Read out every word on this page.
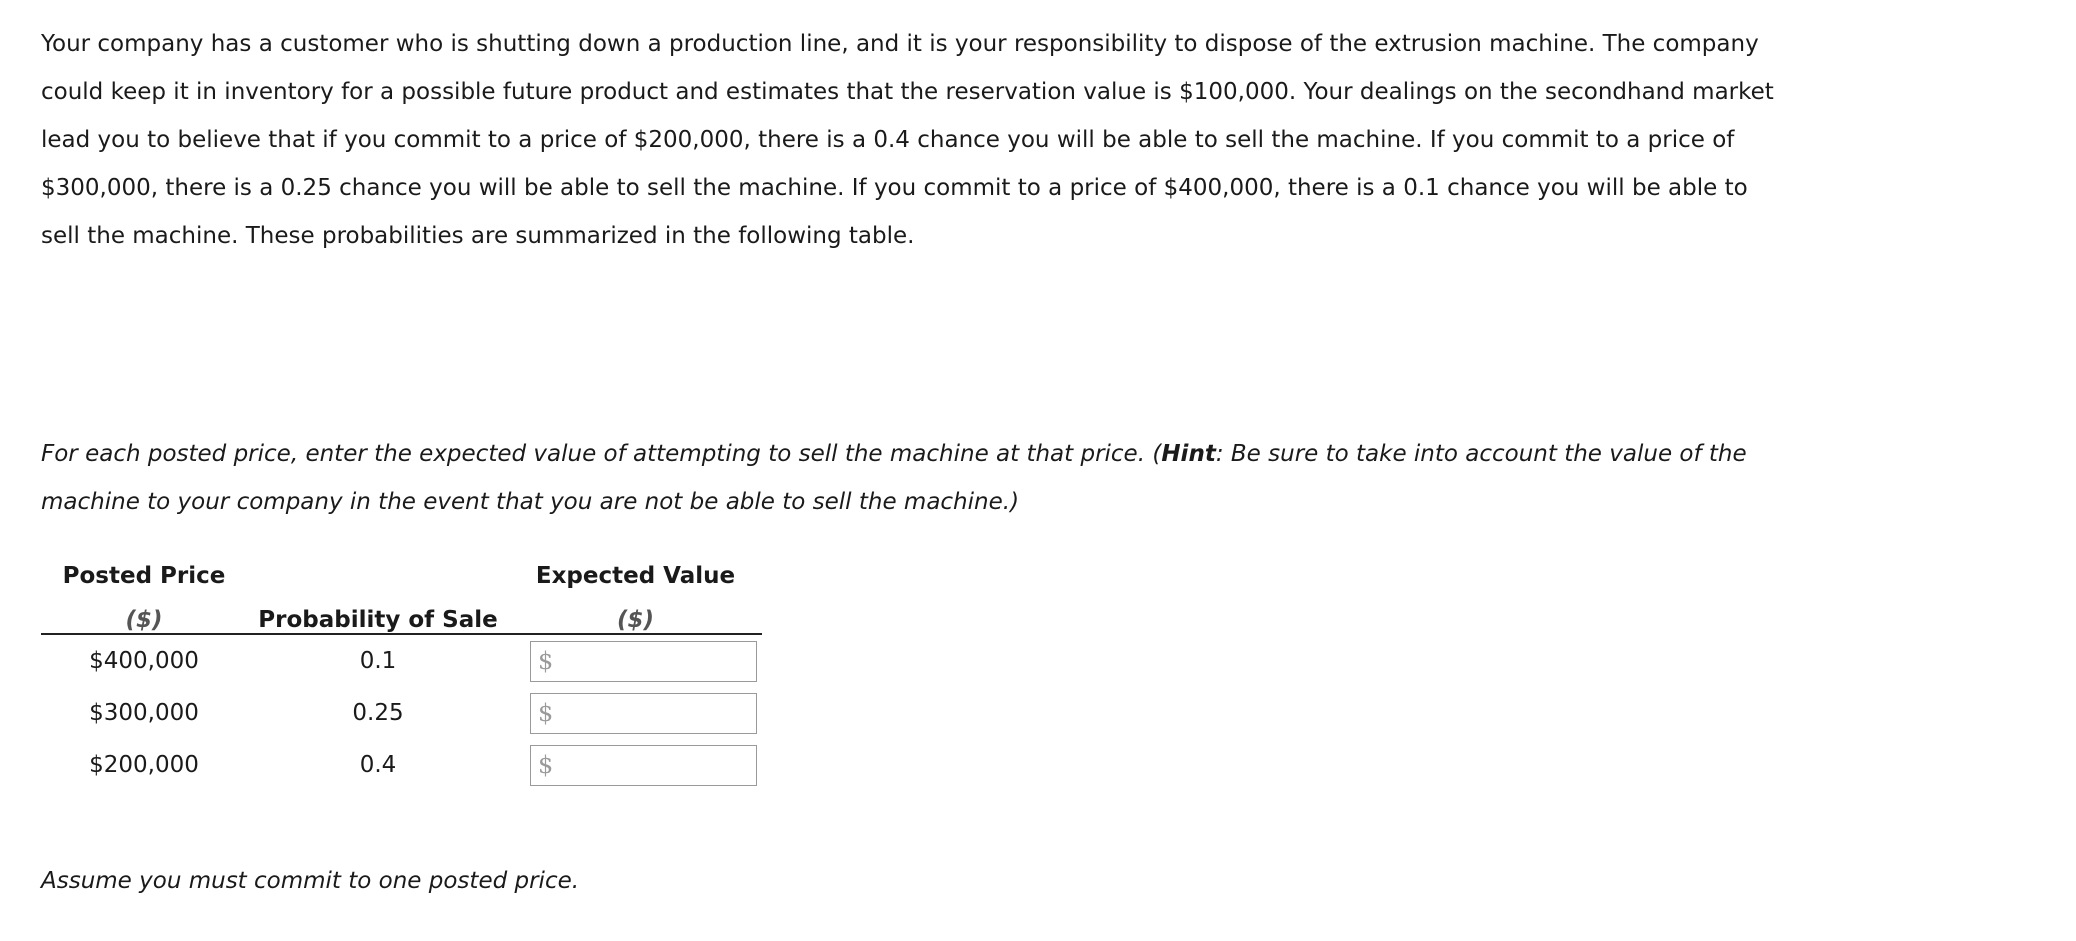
Your company has a customer who is shutting down a production line, and it is your responsibility to dispose of the extrusion machine. The company
could keep it in inventory for a possible future product and estimates that the reservation value is $100,000. Your dealings on the secondhand market
lead you to believe that if you commit to a price of $200,000, there is a 0.4 chance you will be able to sell the machine. If you commit to a price of
$300,000, there is a 0.25 chance you will be able to sell the machine. If you commit to a price of $400,000, there is a 0.1 chance you will be able to
sell the machine. These probabilities are summarized in the following table.

For each posted price, enter the expected value of attempting to sell the machine at that price. (Hint: Be sure to take into account the value of the
machine to your company in the event that you are not be able to sell the machine.)

Posted Price		Expected Value
($)	Probability of Sale	($)
$400,000	0.1	$

$300,000	0.25	$

$200,000	0.4	$

Assume you must commit to one posted price.
